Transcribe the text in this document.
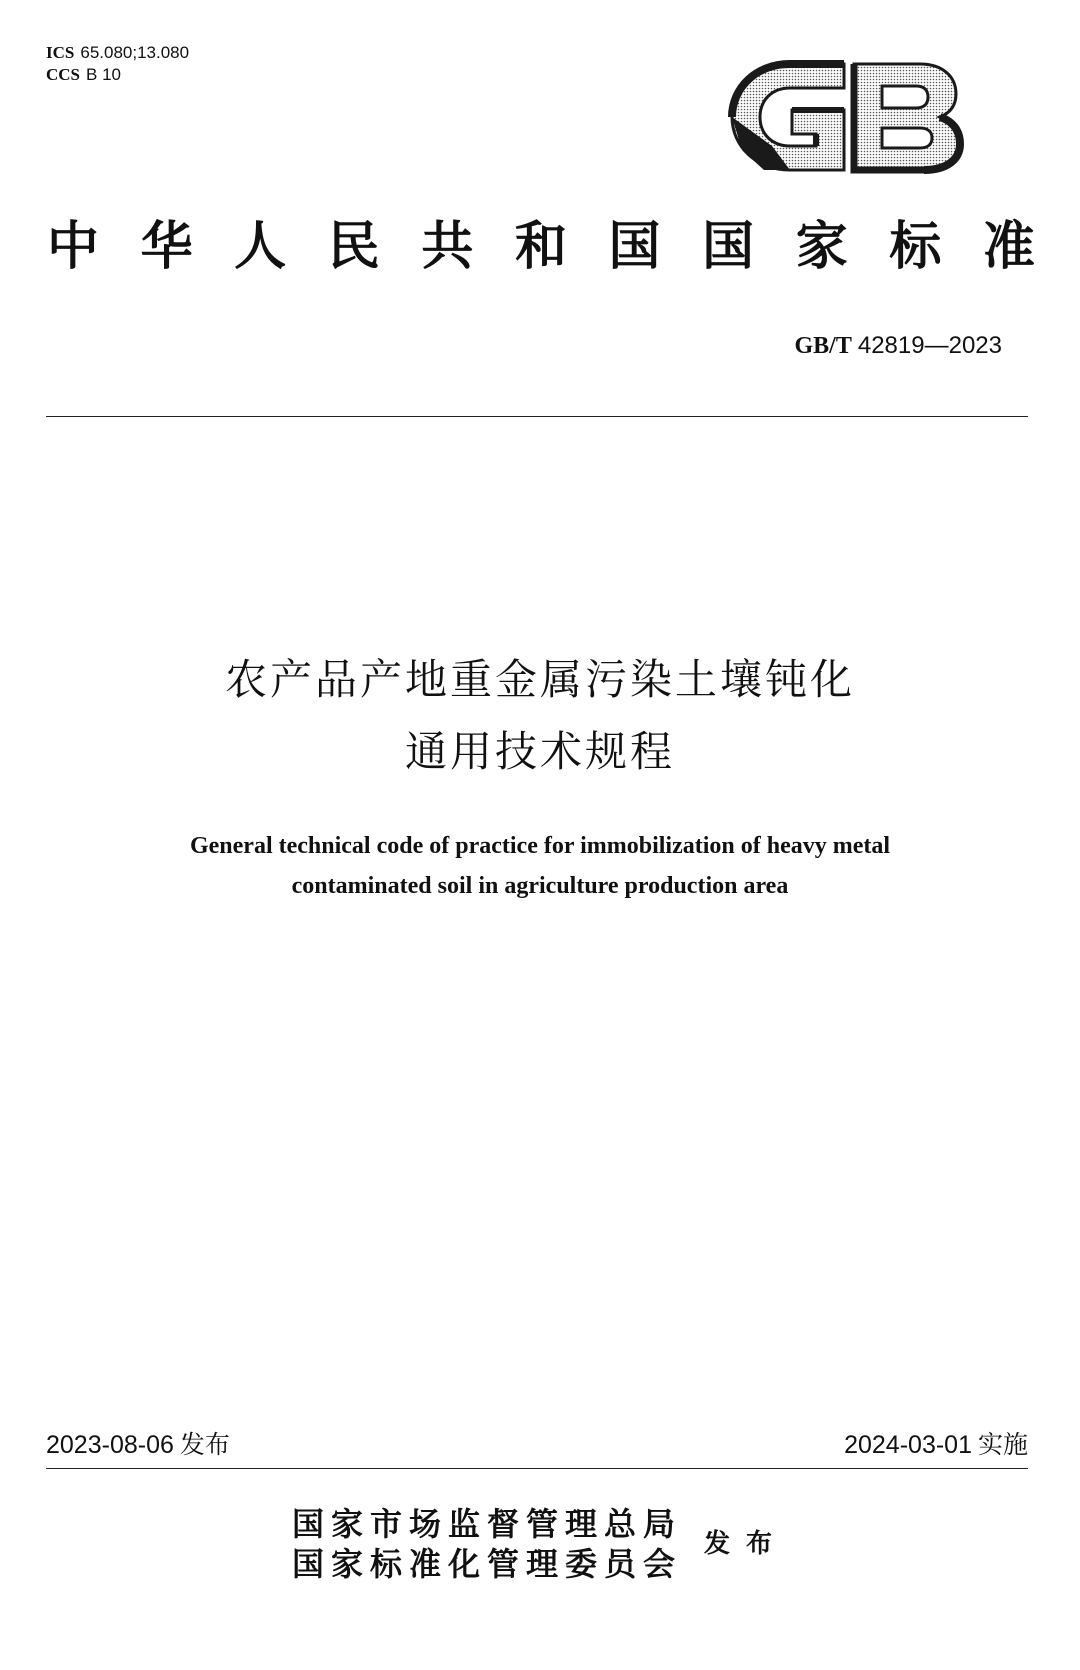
ICS 65.080;13.080
CCS B 10
中 华 人 民 共 和 国 国 家 标 准
GB/T 42819—2023
农产品产地重金属污染土壤钝化
通用技术规程
General technical code of practice for immobilization of heavy metal
contaminated soil in agriculture production area
2023-08-06 发布	2024-03-01 实施
国家市场监督管理总局
国家标准化管理委员会
发布
